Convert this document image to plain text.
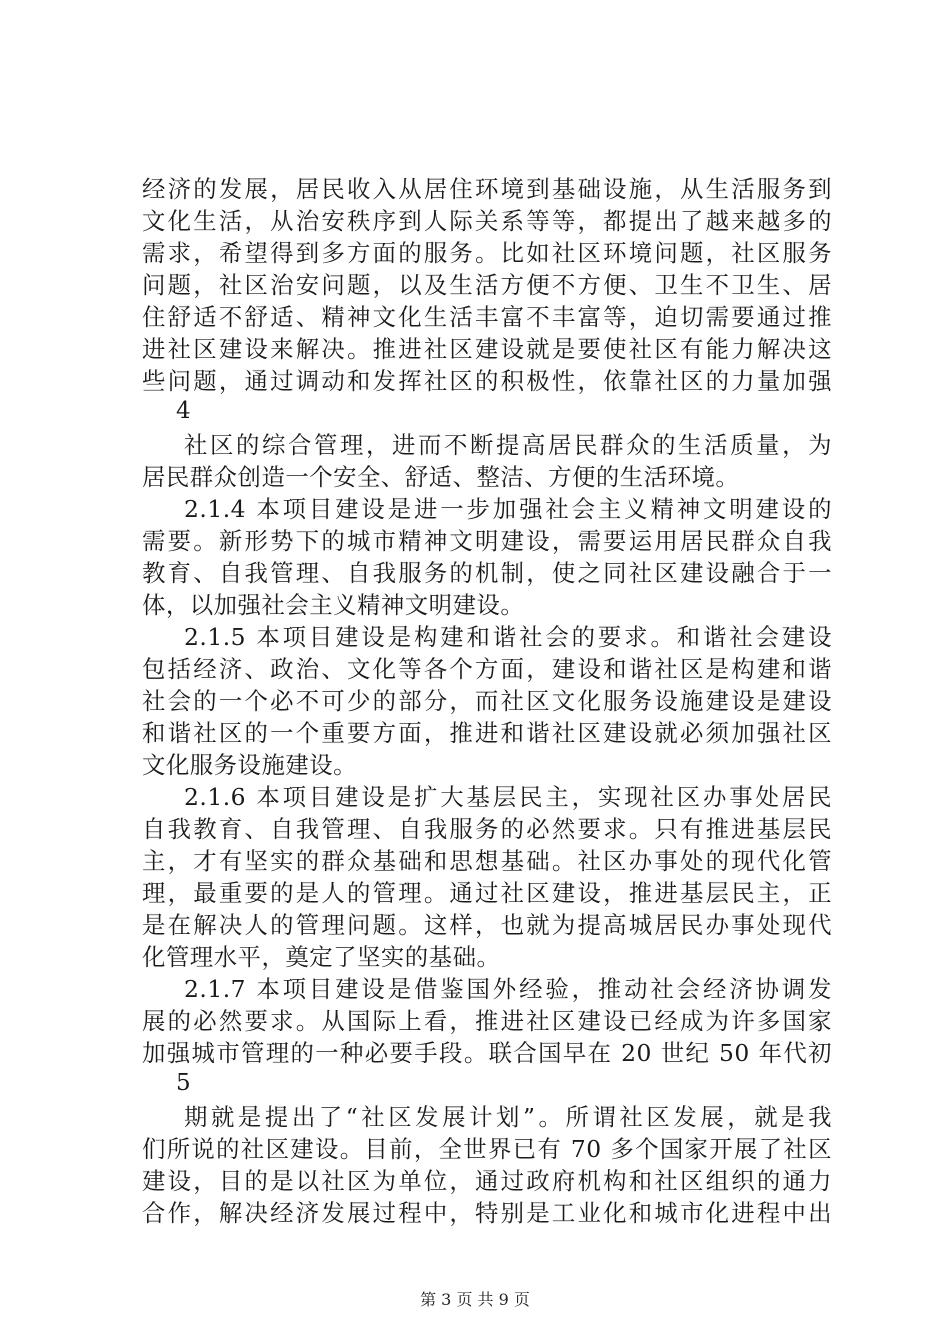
经济的发展，居民收入从居住环境到基础设施，从生活服务到
文化生活，从治安秩序到人际关系等等，都提出了越来越多的
需求，希望得到多方面的服务。比如社区环境问题，社区服务
问题，社区治安问题，以及生活方便不方便、卫生不卫生、居
住舒适不舒适、精神文化生活丰富不丰富等，迫切需要通过推
进社区建设来解决。推进社区建设就是要使社区有能力解决这
些问题，通过调动和发挥社区的积极性，依靠社区的力量加强
4
社区的综合管理，进而不断提高居民群众的生活质量，为
居民群众创造一个安全、舒适、整洁、方便的生活环境。
2.1.4 本项目建设是进一步加强社会主义精神文明建设的
需要。新形势下的城市精神文明建设，需要运用居民群众自我
教育、自我管理、自我服务的机制，使之同社区建设融合于一
体，以加强社会主义精神文明建设。
2.1.5 本项目建设是构建和谐社会的要求。和谐社会建设
包括经济、政治、文化等各个方面，建设和谐社区是构建和谐
社会的一个必不可少的部分，而社区文化服务设施建设是建设
和谐社区的一个重要方面，推进和谐社区建设就必须加强社区
文化服务设施建设。
2.1.6 本项目建设是扩大基层民主，实现社区办事处居民
自我教育、自我管理、自我服务的必然要求。只有推进基层民
主，才有坚实的群众基础和思想基础。社区办事处的现代化管
理，最重要的是人的管理。通过社区建设，推进基层民主，正
是在解决人的管理问题。这样，也就为提高城居民办事处现代
化管理水平，奠定了坚实的基础。
2.1.7 本项目建设是借鉴国外经验，推动社会经济协调发
展的必然要求。从国际上看，推进社区建设已经成为许多国家
加强城市管理的一种必要手段。联合国早在 20 世纪 50 年代初
5
期就是提出了“社区发展计划”。所谓社区发展，就是我
们所说的社区建设。目前，全世界已有 70 多个国家开展了社区
建设，目的是以社区为单位，通过政府机构和社区组织的通力
合作，解决经济发展过程中，特别是工业化和城市化进程中出
第 3 页 共 9 页
